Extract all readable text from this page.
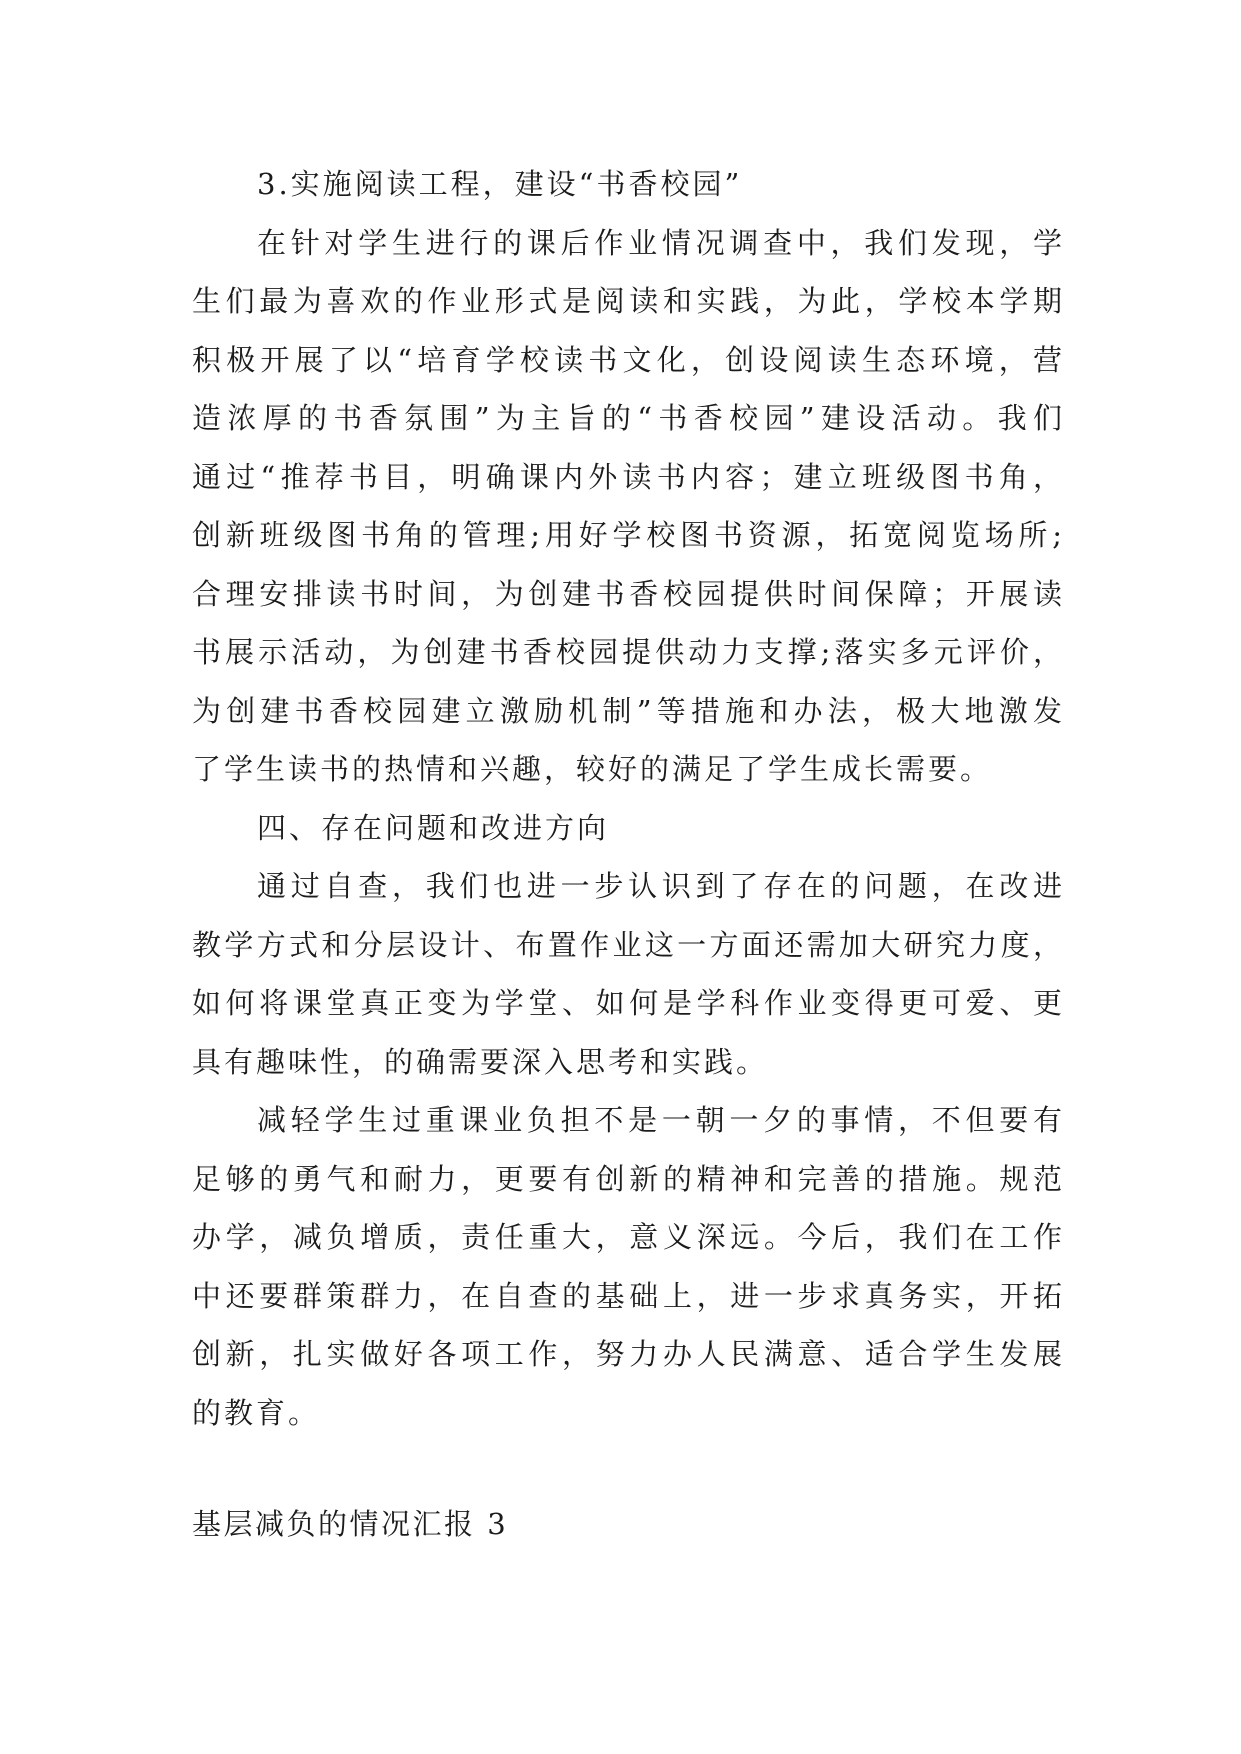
3.实施阅读工程，建设“书香校园”
在针对学生进行的课后作业情况调查中，我们发现，学
生们最为喜欢的作业形式是阅读和实践，为此，学校本学期
积极开展了以“培育学校读书文化，创设阅读生态环境，营
造浓厚的书香氛围”为主旨的“书香校园”建设活动。我们
通过“推荐书目，明确课内外读书内容；建立班级图书角，
创新班级图书角的管理;用好学校图书资源，拓宽阅览场所;
合理安排读书时间，为创建书香校园提供时间保障；开展读
书展示活动，为创建书香校园提供动力支撑;落实多元评价，
为创建书香校园建立激励机制”等措施和办法，极大地激发
了学生读书的热情和兴趣，较好的满足了学生成长需要。
四、存在问题和改进方向
通过自查，我们也进一步认识到了存在的问题，在改进
教学方式和分层设计、布置作业这一方面还需加大研究力度，
如何将课堂真正变为学堂、如何是学科作业变得更可爱、更
具有趣味性，的确需要深入思考和实践。
减轻学生过重课业负担不是一朝一夕的事情，不但要有
足够的勇气和耐力，更要有创新的精神和完善的措施。规范
办学，减负增质，责任重大，意义深远。今后，我们在工作
中还要群策群力，在自查的基础上，进一步求真务实，开拓
创新，扎实做好各项工作，努力办人民满意、适合学生发展
的教育。
基层减负的情况汇报 3
